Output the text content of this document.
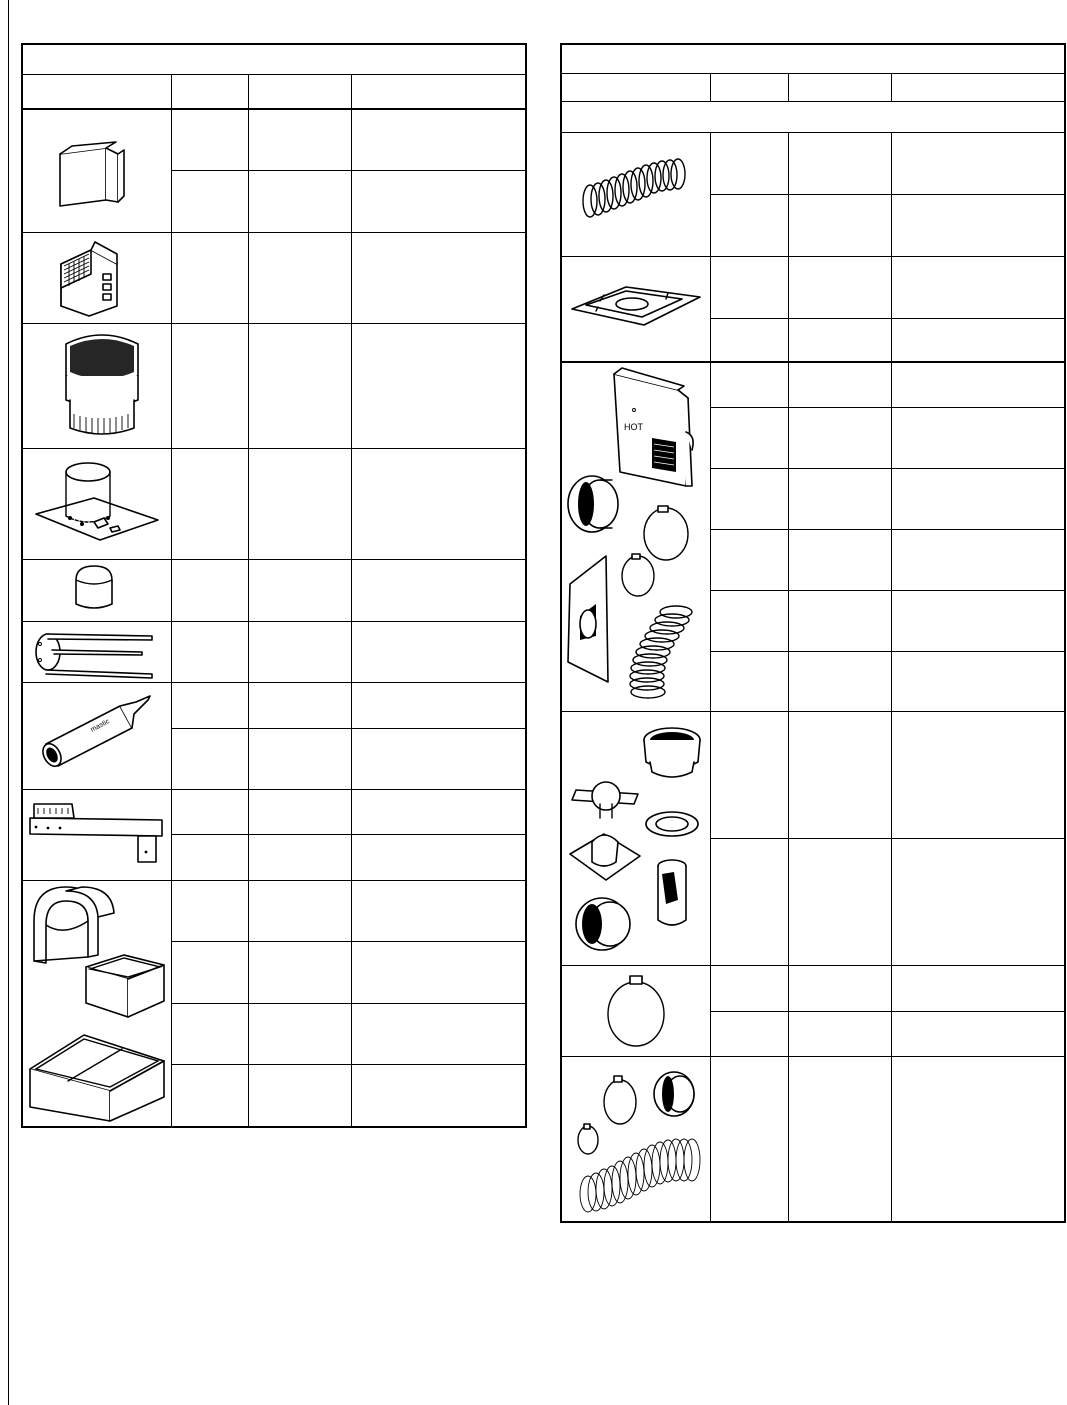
mastic
HOT
